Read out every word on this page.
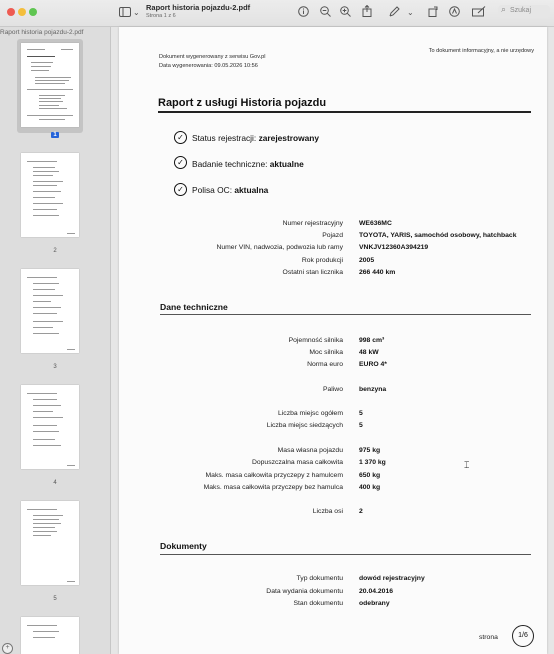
⌄
Raport historia pojazdu-2.pdf
Strona 1 z 6	⌄	⌕ Szukaj
Raport historia pojazdu-2.pdf
1
2
3
4
5
+
Dokument wygenerowany z serwisu Gov.pl
Data wygenerowania: 09.05.2026 10:56
To dokument informacyjny, a nie urzędowy
Raport z usługi Historia pojazdu
✓ Status rejestracji: zarejestrowany
✓ Badanie techniczne: aktualne
✓ Polisa OC: aktualna
Numer rejestracyjny WE636MC
Pojazd TOYOTA, YARIS, samochód osobowy, hatchback
Numer VIN, nadwozia, podwozia lub ramy VNKJV12360A394219
Rok produkcji 2005
Ostatni stan licznika 266 440 km
Dane techniczne
Pojemność silnika 998 cm³
Moc silnika 48 kW
Norma euro EURO 4*
Paliwo benzyna
Liczba miejsc ogółem 5
Liczba miejsc siedzących 5
Masa własna pojazdu 975 kg
Dopuszczalna masa całkowita 1 370 kg
Maks. masa całkowita przyczepy z hamulcem 650 kg
Maks. masa całkowita przyczepy bez hamulca 400 kg
Liczba osi 2
Dokumenty
Typ dokumentu dowód rejestracyjny
Data wydania dokumentu 20.04.2016
Stan dokumentu odebrany
strona	1/6
⌶
